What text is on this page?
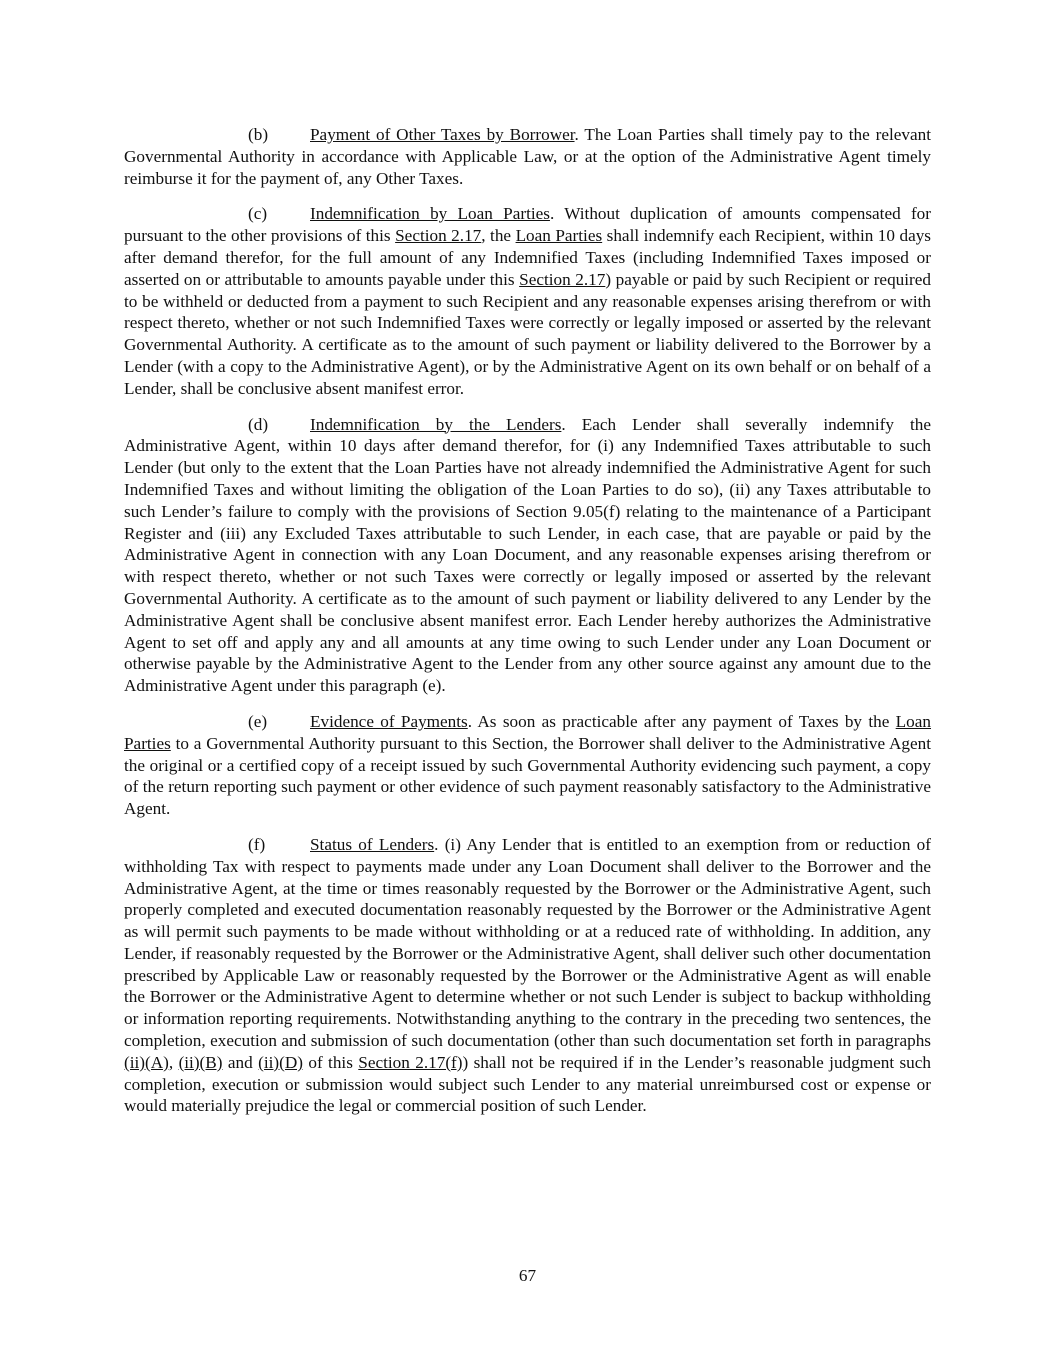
(b) Payment of Other Taxes by Borrower. The Loan Parties shall timely pay to the relevant Governmental Authority in accordance with Applicable Law, or at the option of the Administrative Agent timely reimburse it for the payment of, any Other Taxes.

(c) Indemnification by Loan Parties. Without duplication of amounts compensated for pursuant to the other provisions of this Section 2.17, the Loan Parties shall indemnify each Recipient, within 10 days after demand therefor, for the full amount of any Indemnified Taxes (including Indemnified Taxes imposed or asserted on or attributable to amounts payable under this Section 2.17) payable or paid by such Recipient or required to be withheld or deducted from a payment to such Recipient and any reasonable expenses arising therefrom or with respect thereto, whether or not such Indemnified Taxes were correctly or legally imposed or asserted by the relevant Governmental Authority. A certificate as to the amount of such payment or liability delivered to the Borrower by a Lender (with a copy to the Administrative Agent), or by the Administrative Agent on its own behalf or on behalf of a Lender, shall be conclusive absent manifest error.

(d) Indemnification by the Lenders. Each Lender shall severally indemnify the Administrative Agent, within 10 days after demand therefor, for (i) any Indemnified Taxes attributable to such Lender (but only to the extent that the Loan Parties have not already indemnified the Administrative Agent for such Indemnified Taxes and without limiting the obligation of the Loan Parties to do so), (ii) any Taxes attributable to such Lender’s failure to comply with the provisions of Section 9.05(f) relating to the maintenance of a Participant Register and (iii) any Excluded Taxes attributable to such Lender, in each case, that are payable or paid by the Administrative Agent in connection with any Loan Document, and any reasonable expenses arising therefrom or with respect thereto, whether or not such Taxes were correctly or legally imposed or asserted by the relevant Governmental Authority. A certificate as to the amount of such payment or liability delivered to any Lender by the Administrative Agent shall be conclusive absent manifest error. Each Lender hereby authorizes the Administrative Agent to set off and apply any and all amounts at any time owing to such Lender under any Loan Document or otherwise payable by the Administrative Agent to the Lender from any other source against any amount due to the Administrative Agent under this paragraph (e).

(e) Evidence of Payments. As soon as practicable after any payment of Taxes by the Loan Parties to a Governmental Authority pursuant to this Section, the Borrower shall deliver to the Administrative Agent the original or a certified copy of a receipt issued by such Governmental Authority evidencing such payment, a copy of the return reporting such payment or other evidence of such payment reasonably satisfactory to the Administrative Agent.

(f)	Status of Lenders. (i) Any Lender that is entitled to an exemption from or reduction of withholding Tax with respect to payments made under any Loan Document shall deliver to the Borrower and the Administrative Agent, at the time or times reasonably requested by the Borrower or the Administrative Agent, such properly completed and executed documentation reasonably requested by the Borrower or the Administrative Agent as will permit such payments to be made without withholding or at a reduced rate of withholding. In addition, any Lender, if reasonably requested by the Borrower or the Administrative Agent, shall deliver such other documentation prescribed by Applicable Law or reasonably requested by the Borrower or the Administrative Agent as will enable the Borrower or the Administrative Agent to determine whether or not such Lender is subject to backup withholding or information reporting requirements. Notwithstanding anything to the contrary in the preceding two sentences, the completion, execution and submission of such documentation (other than such documentation set forth in paragraphs (ii)(A), (ii)(B) and (ii)(D) of this Section 2.17(f)) shall not be required if in the Lender’s reasonable judgment such completion, execution or submission would subject such Lender to any material unreimbursed cost or expense or would materially prejudice the legal or commercial position of such Lender.

67
